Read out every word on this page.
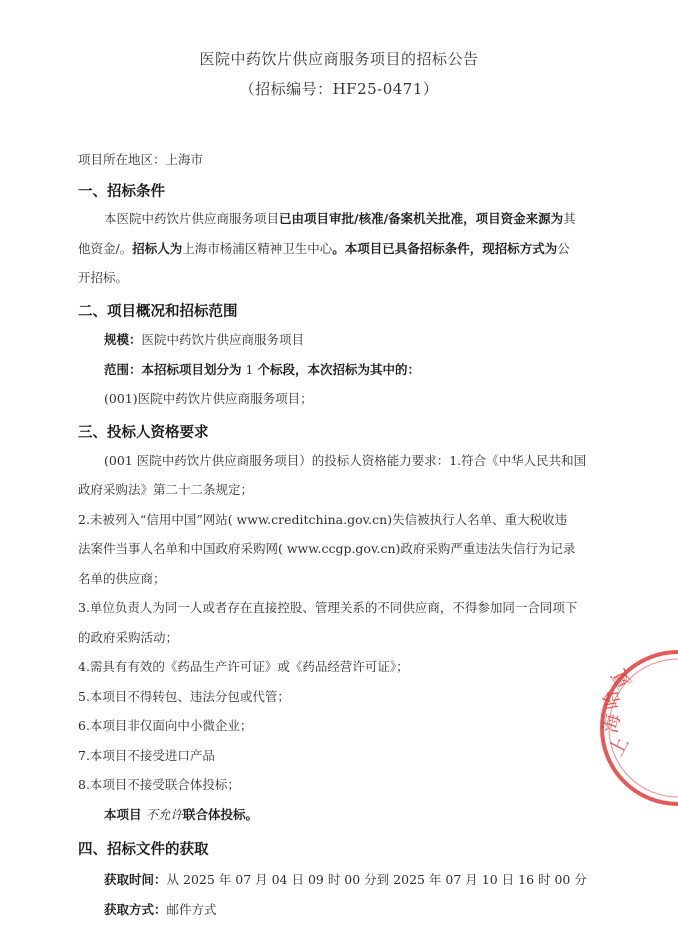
医院中药饮片供应商服务项目的招标公告
（招标编号：HF25-0471）
项目所在地区：上海市
一、招标条件
本医院中药饮片供应商服务项目已由项目审批/核准/备案机关批准，项目资金来源为其
他资金/。招标人为上海市杨浦区精神卫生中心。本项目已具备招标条件，现招标方式为公
开招标。
二、项目概况和招标范围
规模：医院中药饮片供应商服务项目
范围：本招标项目划分为 1 个标段，本次招标为其中的：
(001)医院中药饮片供应商服务项目；
三、投标人资格要求
(001 医院中药饮片供应商服务项目）的投标人资格能力要求：1.符合《中华人民共和国
政府采购法》第二十二条规定；
2.未被列入“信用中国”网站( www.creditchina.gov.cn)失信被执行人名单、重大税收违
法案件当事人名单和中国政府采购网( www.ccgp.gov.cn)政府采购严重违法失信行为记录
名单的供应商；
3.单位负责人为同一人或者存在直接控股、管理关系的不同供应商，不得参加同一合同项下
的政府采购活动；
4.需具有有效的《药品生产许可证》或《药品经营许可证》；
5.本项目不得转包、违法分包或代管；
6.本项目非仅面向中小微企业；
7.本项目不接受进口产品
8.本项目不接受联合体投标；
本项目 不允许联合体投标。
四、招标文件的获取
获取时间：从 2025 年 07 月 04 日 09 时 00 分到 2025 年 07 月 10 日 16 时 00 分
获取方式：邮件方式
上
海
哈
夏
